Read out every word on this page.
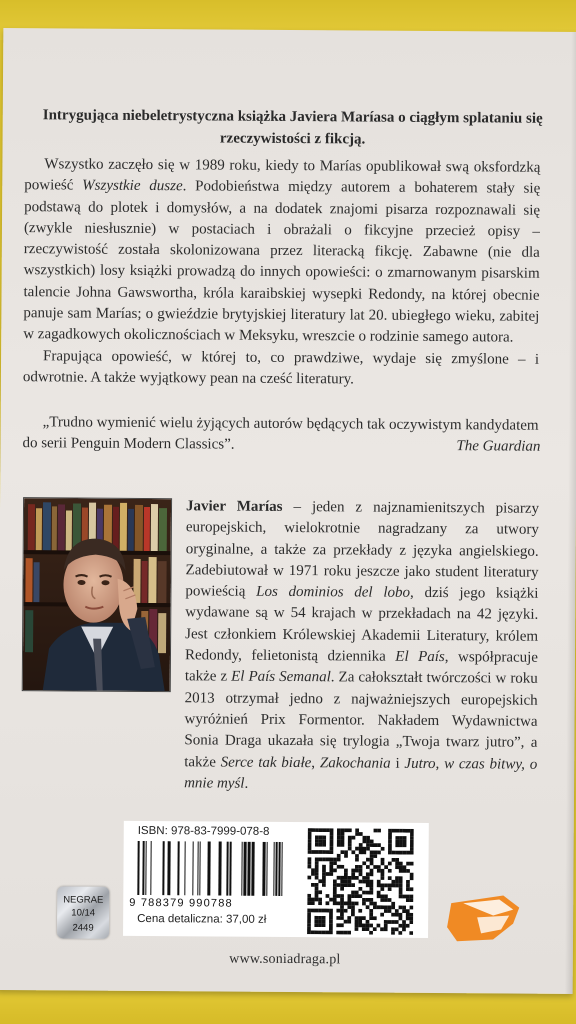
Intrygująca niebeletrystyczna książka Javiera Maríasa o ciągłym splataniu się rzeczywistości z fikcją.

Wszystko zaczęło się w 1989 roku, kiedy to Marías opublikował swą oksfordzką powieść Wszystkie dusze. Podobieństwa między autorem a bohaterem stały się podstawą do plotek i domysłów, a na dodatek znajomi pisarza rozpoznawali się (zwykle niesłusznie) w postaciach i obrażali o fikcyjne przecież opisy – rzeczywistość została skolonizowana przez literacką fikcję. Zabawne (nie dla wszystkich) losy książki prowadzą do innych opowieści: o zmarnowanym pisarskim talencie Johna Gawswortha, króla karaibskiej wysepki Redondy, na której obecnie panuje sam Marías; o gwieździe brytyjskiej literatury lat 20. ubiegłego wieku, zabitej w zagadkowych okolicznościach w Meksyku, wreszcie o rodzinie samego autora.

Frapująca opowieść, w której to, co prawdziwe, wydaje się zmyślone – i odwrotnie. A także wyjątkowy pean na cześć literatury.

„Trudno wymienić wielu żyjących autorów będących tak oczywistym kandydatem do serii Penguin Modern Classics”.	The Guardian

Javier Marías – jeden z najznamienitszych pisarzy europejskich, wielokrotnie nagradzany za utwory oryginalne, a także za przekłady z języka angielskiego. Zadebiutował w 1971 roku jeszcze jako student literatury powieścią Los dominios del lobo, dziś jego książki wydawane są w 54 krajach w przekładach na 42 języki. Jest członkiem Królewskiej Akademii Literatury, królem Redondy, felietonistą dziennika El País, współpracuje także z El País Semanal. Za całokształt twórczości w roku 2013 otrzymał jedno z najważniejszych europejskich wyróżnień Prix Formentor. Nakładem Wydawnictwa Sonia Draga ukazała się trylogia „Twoja twarz jutro”, a także Serce tak białe, Zakochania i Jutro, w czas bitwy, o mnie myśl.

ISBN: 978-83-7999-078-8
9 788379 990788
Cena detaliczna: 37,00 zł
NEGRAE
10/14
2449
www.soniadraga.pl
